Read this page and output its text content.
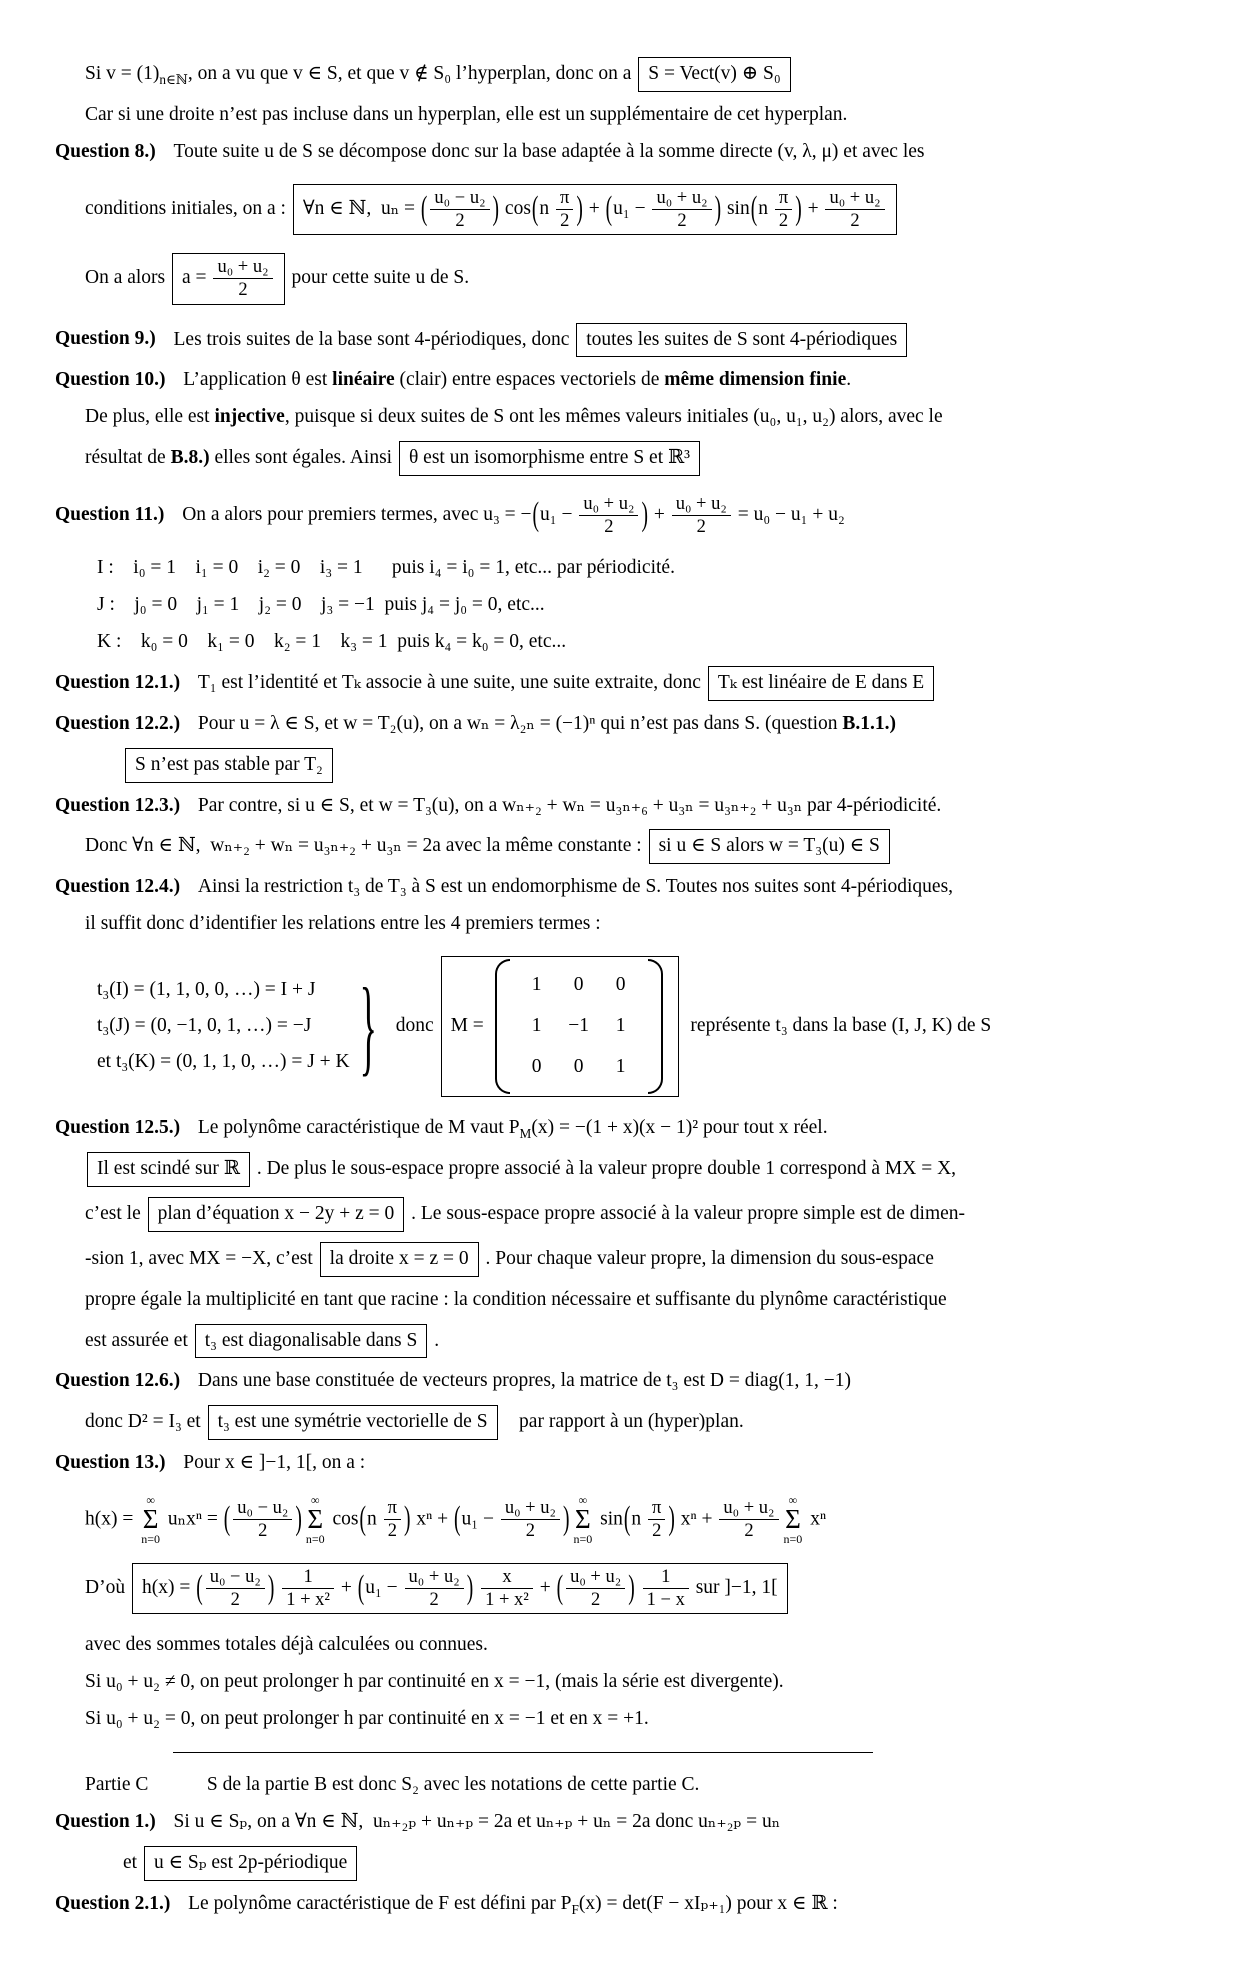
Si $v = (1)_{n\in ℕ}$, on a vu que v ∈ S, et que v ∉ S₀ l’hyperplan, donc on a S = Vect(v) ⊕ S₀
Car si une droite n’est pas incluse dans un hyperplan, elle est un supplémentaire de cet hyperplan.
Question 8.) Toute suite u de S se décompose donc sur la base adaptée à la somme directe (v, λ, μ) et avec les
conditions initiales, on a : ∀n ∈ ℕ, uₙ = ( $\frac{\text{u₀ − u₂}}{2}$ ) $\cos(n \frac{\pi}{2}$ ) + ($u_1 - \frac{\text{u₀ + u₂}}{2}$ ) $\sin(n \frac{\pi}{2}$ ) + $\frac{\text{u₀ + u₂}}{2}$
On a alors $a = \frac{\text{u₀ + u₂}}{2}$ pour cette suite u de S.
Question 9.) Les trois suites de la base sont 4-périodiques, donc toutes les suites de S sont 4-périodiques
Question 10.) L’application θ est linéaire (clair) entre espaces vectoriels de même dimension finie.
De plus, elle est injective, puisque si deux suites de S ont les mêmes valeurs initiales (u₀, u₁, u₂) alors, avec le
résultat de B.8.) elles sont égales. Ainsi θ est un isomorphisme entre S et ℝ³
Question 11.) On a alors pour premiers termes, avec $u_3 = -(u_1 - \frac{\text{u₀ + u₂}}{2}$ ) + $\frac{\text{u₀ + u₂}}{2} = u_0 - u_1 + u_2$
I :  i₀ = 1 i₁ = 0 i₂ = 0 i₃ = 1  puis i₄ = i₀ = 1, etc... par périodicité.
J :  j₀ = 0 j₁ = 1 j₂ = 0 j₃ = −1 puis j₄ = j₀ = 0, etc...
K :  k₀ = 0 k₁ = 0 k₂ = 1 k₃ = 1 puis k₄ = k₀ = 0, etc...
Question 12.1.) T₁ est l’identité et Tₖ associe à une suite, une suite extraite, donc Tₖ est linéaire de E dans E
Question 12.2.) Pour u = λ ∈ S, et w = T₂(u), on a wₙ = λ₂ₙ = (−1)ⁿ qui n’est pas dans S. (question B.1.1.)
S n’est pas stable par T₂
Question 12.3.) Par contre, si u ∈ S, et w = T₃(u), on a wₙ₊₂ + wₙ = u₃ₙ₊₆ + u₃ₙ = u₃ₙ₊₂ + u₃ₙ par 4-périodicité.
Donc ∀n ∈ ℕ, wₙ₊₂ + wₙ = u₃ₙ₊₂ + u₃ₙ = 2a avec la même constante : si u ∈ S alors w = T₃(u) ∈ S
Question 12.4.) Ainsi la restriction t₃ de T₃ à S est un endomorphisme de S. Toutes nos suites sont 4-périodiques,
il suffit donc d’identifier les relations entre les 4 premiers termes :
t₃(I) = (1, 1, 0, 0, …) = I + J
t₃(J) = (0, −1, 0, 1, …) = −J
et t₃(K) = (0, 1, 1, 0, …) = J + K } donc M =
1 0 0
1 −1 1
0 0 1
 représente t₃ dans la base (I, J, K) de S
Question 12.5.) Le polynôme caractéristique de M vaut $P_M(x) = -(1 + x)(x - 1)^2$ pour tout x réel.
Il est scindé sur ℝ . De plus le sous-espace propre associé à la valeur propre double 1 correspond à MX = X,
c’est le plan d’équation x − 2y + z = 0 . Le sous-espace propre associé à la valeur propre simple est de dimen-
-sion 1, avec MX = −X, c’est la droite x = z = 0 . Pour chaque valeur propre, la dimension du sous-espace
propre égale la multiplicité en tant que racine : la condition nécessaire et suffisante du plynôme caractéristique
est assurée et t₃ est diagonalisable dans S .
Question 12.6.) Dans une base constituée de vecteurs propres, la matrice de t₃ est D = diag(1, 1, −1)
donc D² = I₃ et t₃ est une symétrie vectorielle de S par rapport à un (hyper)plan.
Question 13.) Pour x ∈ ]−1, 1[, on a :
h(x) =
∞
Σ
n=0
uₙxⁿ = ( $\frac{\text{u₀ − u₂}}{2}$ )
∞
Σ
n=0
$\cos(n \frac{\pi}{2}$ ) $x^n + (u_1 - \frac{\text{u₀ + u₂}}{2}$ )
∞
Σ
n=0
$\sin(n \frac{\pi}{2}$ ) $x^n + \frac{\text{u₀ + u₂}}{2}$ ∞
Σ
n=0
xⁿ
D’où h(x) = ( $\frac{\text{u₀ − u₂}}{2}$ ) $\frac{1}{\text{1 + x²}} + (u_1 - \frac{\text{u₀ + u₂}}{2}$ ) $\frac{x}{\text{1 + x²}}$ + ( $\frac{\text{u₀ + u₂}}{2}$ ) $\frac{1}{1 - x}$ sur ]−1, 1[
avec des sommes totales déjà calculées ou connues.
Si u₀ + u₂ ≠ 0, on peut prolonger h par continuité en x = −1, (mais la série est divergente).
Si u₀ + u₂ = 0, on peut prolonger h par continuité en x = −1 et en x = +1.
Partie C   S de la partie B est donc S₂ avec les notations de cette partie C.
Question 1.) Si u ∈ Sₚ, on a ∀n ∈ ℕ, uₙ₊₂ₚ + uₙ₊ₚ = 2a et uₙ₊ₚ + uₙ = 2a donc uₙ₊₂ₚ = uₙ
et u ∈ Sₚ est 2p-périodique
Question 2.1.) Le polynôme caractéristique de F est défini par $P_F(x) = \det(F - xI_{p+1})$ pour x ∈ ℝ :
